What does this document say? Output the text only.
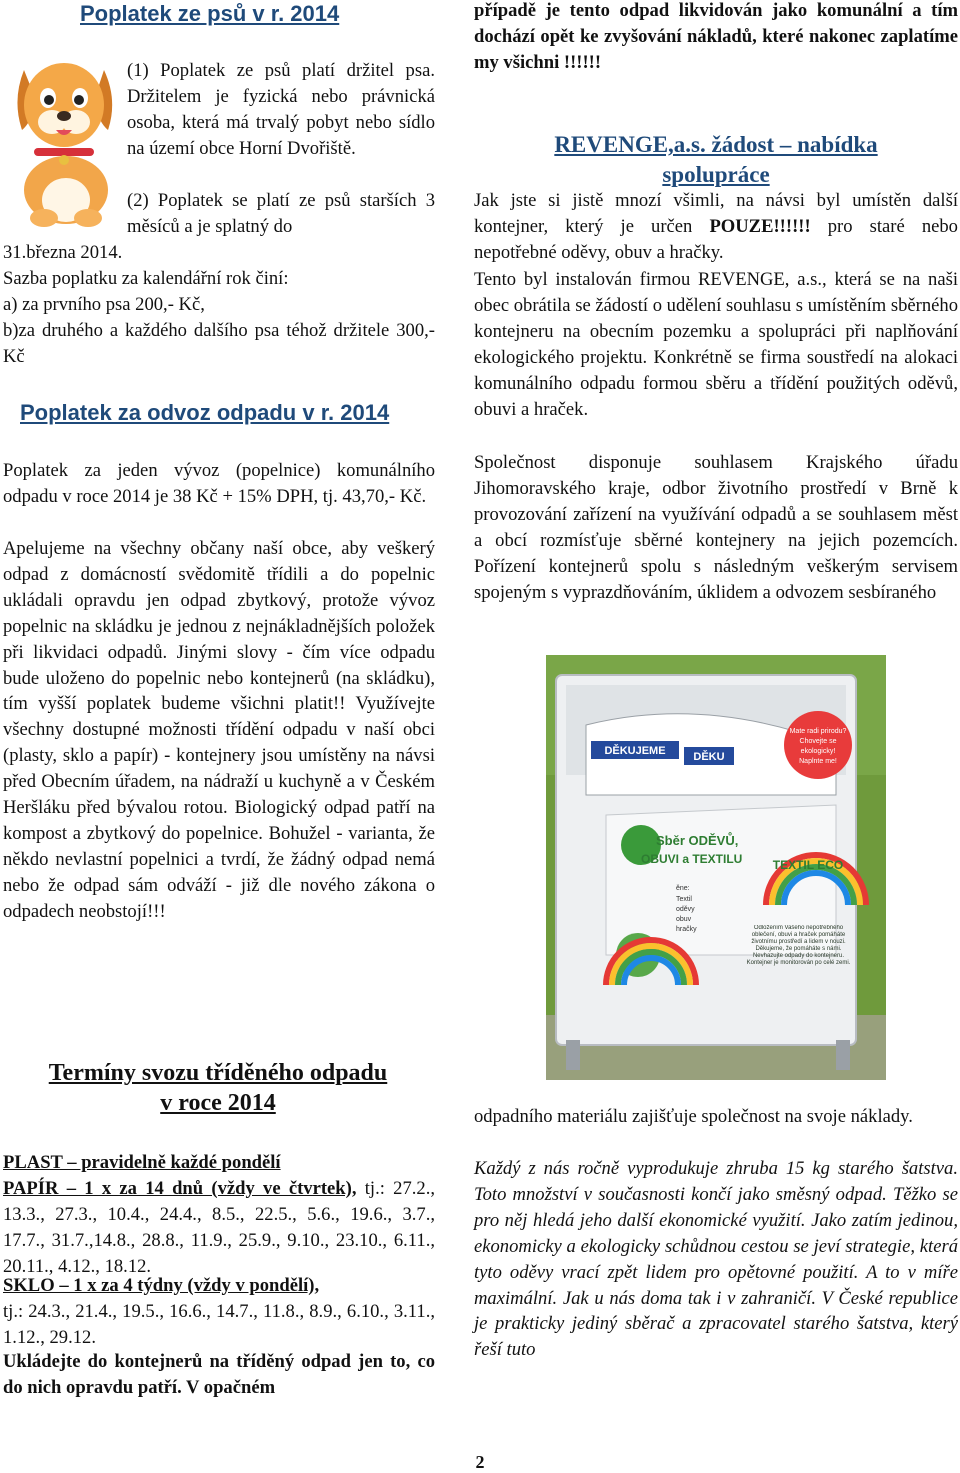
Poplatek ze psů v r. 2014

(1) Poplatek ze psů platí držitel psa. Držitelem je fyzická nebo právnická osoba, která má trvalý pobyt nebo sídlo na území obce Horní Dvořiště.

(2) Poplatek se platí ze psů starších 3 měsíců a je splatný do

31.března 2014.

Sazba poplatku za kalendářní rok činí:

a) za prvního psa 200,- Kč,

b)za druhého a každého dalšího psa téhož držitele 300,- Kč

Poplatek za odvoz odpadu v r. 2014

Poplatek za jeden vývoz (popelnice) komunálního odpadu v roce 2014 je 38 Kč + 15% DPH, tj. 43,70,- Kč.

Apelujeme na všechny občany naší obce, aby veškerý odpad z domácností svědomitě třídili a do popelnic ukládali opravdu jen odpad zbytkový, protože vývoz popelnic na skládku je jednou z nejnákladnějších položek při likvidaci odpadů. Jinými slovy - čím více odpadu bude uloženo do popelnic nebo kontejnerů (na skládku), tím vyšší poplatek budeme všichni platit!! Využívejte všechny dostupné možnosti třídění odpadu v naší obci (plasty, sklo a papír) - kontejnery jsou umístěny na návsi před Obecním úřadem, na nádraží u kuchyně a v Českém Heršláku před bývalou rotou. Biologický odpad patří na kompost a zbytkový do popelnice. Bohužel - varianta, že někdo nevlastní popelnici a tvrdí, že žádný odpad nemá nebo že odpad sám odváží - již dle nového zákona o odpadech neobstojí!!!

Termíny svozu tříděného odpadu
v roce 2014

PLAST – pravidelně každé pondělí

PAPÍR – 1 x za 14 dnů (vždy ve čtvrtek), tj.: 27.2., 13.3., 27.3., 10.4., 24.4., 8.5., 22.5., 5.6., 19.6., 3.7., 17.7., 31.7.,14.8., 28.8., 11.9., 25.9., 9.10., 23.10., 6.11., 20.11., 4.12., 18.12.

SKLO – 1 x za 4 týdny (vždy v pondělí),

tj.: 24.3., 21.4., 19.5., 16.6., 14.7., 11.8., 8.9., 6.10., 3.11., 1.12., 29.12.

Ukládejte do kontejnerů na tříděný odpad jen to, co do nich opravdu patří. V opačném

případě je tento odpad likvidován jako komunální a tím dochází opět ke zvyšování nákladů, které nakonec zaplatíme my všichni !!!!!!

REVENGE,a.s. žádost – nabídka
spolupráce

Jak jste si jistě mnozí všimli, na návsi byl umístěn další kontejner, který je určen POUZE!!!!!! pro staré nebo nepotřebné oděvy, obuv a hračky.

Tento byl instalován firmou REVENGE, a.s., která se na naši obec obrátila se žádostí o udělení souhlasu s umístěním sběrného kontejneru na obecním pozemku a spolupráci při naplňování ekologického projektu. Konkrétně se firma soustředí na alokaci komunálního odpadu formou sběru a třídění použitých oděvů, obuvi a hraček.

Společnost disponuje souhlasem Krajského úřadu Jihomoravského kraje, odbor životního prostředí v Brně k provozování zařízení na využívání odpadů a se souhlasem měst a obcí rozmísťuje sběrné kontejnery na jejich pozemcích. Pořízení kontejnerů spolu s následným veškerým servisem spojeným s vyprazdňováním, úklidem a odvozem sesbíraného

DĚKUJEME	DĚKU
Mate radi prirodu?
Chovejte se
ekologicky!
Naplnte me!
TEXTIL ECO
Sběr ODĚVŮ,
OBUVI a TEXTILU
ĕne:
Textil
oděvy
obuv
hračky	Odložením Vašeho nepotřebného oblečení, obuvi a hraček pomáháte životnímu prostředí a lidem v nouzi. Děkujeme, že pomáháte s námi. Nevhazujte odpady do kontejneru. Kontejner je monitorován po celé zemi.

odpadního materiálu zajišťuje společnost na svoje náklady.

Každý z nás ročně vyprodukuje zhruba 15 kg starého šatstva. Toto množství v současnosti končí jako směsný odpad. Těžko se pro něj hledá jeho další ekonomické využití. Jako zatím jedinou, ekonomicky a ekologicky schůdnou cestou se jeví strategie, která tyto oděvy vrací zpět lidem pro opětovné použití. A to v míře maximální. Jak u nás doma tak i v zahraničí. V České republice je prakticky jediný sběrač a zpracovatel starého šatstva, který řeší tuto

2
